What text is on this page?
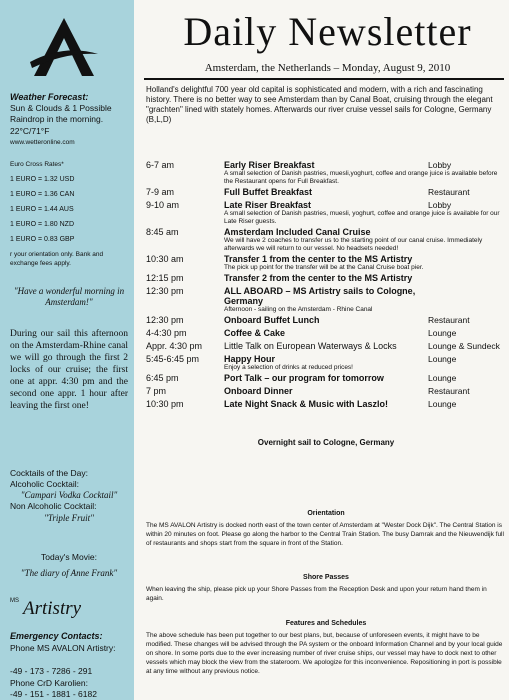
Weather Forecast:
Sun & Clouds & 1 Possible Raindrop in the morning.
22°C/71°F
www.wetteronline.com
Euro Cross Rates*
1 EURO = 1.32 USD
1 EURO = 1.36 CAN
1 EURO = 1.44 AUS
1 EURO = 1.80 NZD
1 EURO = 0.83 GBP
r your orientation only. Bank and exchange fees apply.
"Have a wonderful morning in Amsterdam!"
During our sail this afternoon on the Amsterdam-Rhine canal we will go through the first 2 locks of our cruise; the first one at appr. 4:30 pm and the second one appr. 1 hour after leaving the first one!
Cocktails of the Day:
Alcoholic Cocktail:
"Campari Vodka Cocktail"
Non Alcoholic Cocktail:
"Triple Fruit"
Today's Movie:
"The diary of Anne Frank"
$^{MS}$ Artistry
Emergency Contacts:
Phone MS AVALON Artistry:
-49 - 173 - 7286 - 291
Phone CrD Karolien:
-49 - 151 - 1881 - 6182
Daily Newsletter
Amsterdam, the Netherlands – Monday, August 9, 2010
Holland's delightful 700 year old capital is sophisticated and modern, with a rich and fascinating history. There is no better way to see Amsterdam than by Canal Boat, cruising through the elegant "grachten" lined with stately homes. Afterwards our river cruise vessel sails for Cologne, Germany (B,L,D)
6-7 am	Early Riser Breakfast	Lobby
A small selection of Danish pastries, muesli,yoghurt, coffee and orange juice is available before the Restaurant opens for Full Breakfast.
7-9 am	Full Buffet Breakfast	Restaurant
9-10 am	Late Riser Breakfast	Lobby
A small selection of Danish pastries, muesli, yoghurt, coffee and orange juice is available for our Late Riser guests.
8:45 am	Amsterdam Included Canal Cruise
We will have 2 coaches to transfer us to the starting point of our canal cruise. Immediately afterwards we will return to our vessel. No headsets needed!
10:30 am	Transfer 1 from the center to the MS Artistry
The pick up point for the transfer will be at the Canal Cruise boat pier.
12:15 pm	Transfer 2 from the center to the MS Artistry
12:30 pm	ALL ABOARD – MS Artistry sails to Cologne, Germany
Afternoon - sailing on the Amsterdam - Rhine Canal
12:30 pm	Onboard Buffet Lunch	Restaurant
4-4:30 pm	Coffee & Cake	Lounge
Appr. 4:30 pm	Little Talk on European Waterways & Locks	Lounge & Sundeck
5:45-6:45 pm	Happy Hour	Lounge
Enjoy a selection of drinks at reduced prices!
6:45 pm	Port Talk – our program for tomorrow	Lounge
7 pm	Onboard Dinner	Restaurant
10:30 pm	Late Night Snack & Music with Laszlo!	Lounge
Overnight sail to Cologne, Germany
Orientation
The MS AVALON Artistry is docked north east of the town center of Amsterdam at "Wester Dock Dijk". The Central Station is within 20 minutes on foot. Please go along the harbor to the Central Train Station. The busy Damrak and the Nieuwendijk full of restaurants and shops start from the square in front of the Station.
Shore Passes
When leaving the ship, please pick up your Shore Passes from the Reception Desk and upon your return hand them in again.
Features and Schedules
The above schedule has been put together to our best plans, but, because of unforeseen events, it might have to be modified. These changes will be advised through the PA system or the onboard Information Channel and by your local guide on shore. In some ports due to the ever increasing number of river cruise ships, our vessel may have to dock next to other vessels which may block the view from the stateroom. We apologize for this inconvenience. Repositioning in port is possible at any time without any previous notice.
